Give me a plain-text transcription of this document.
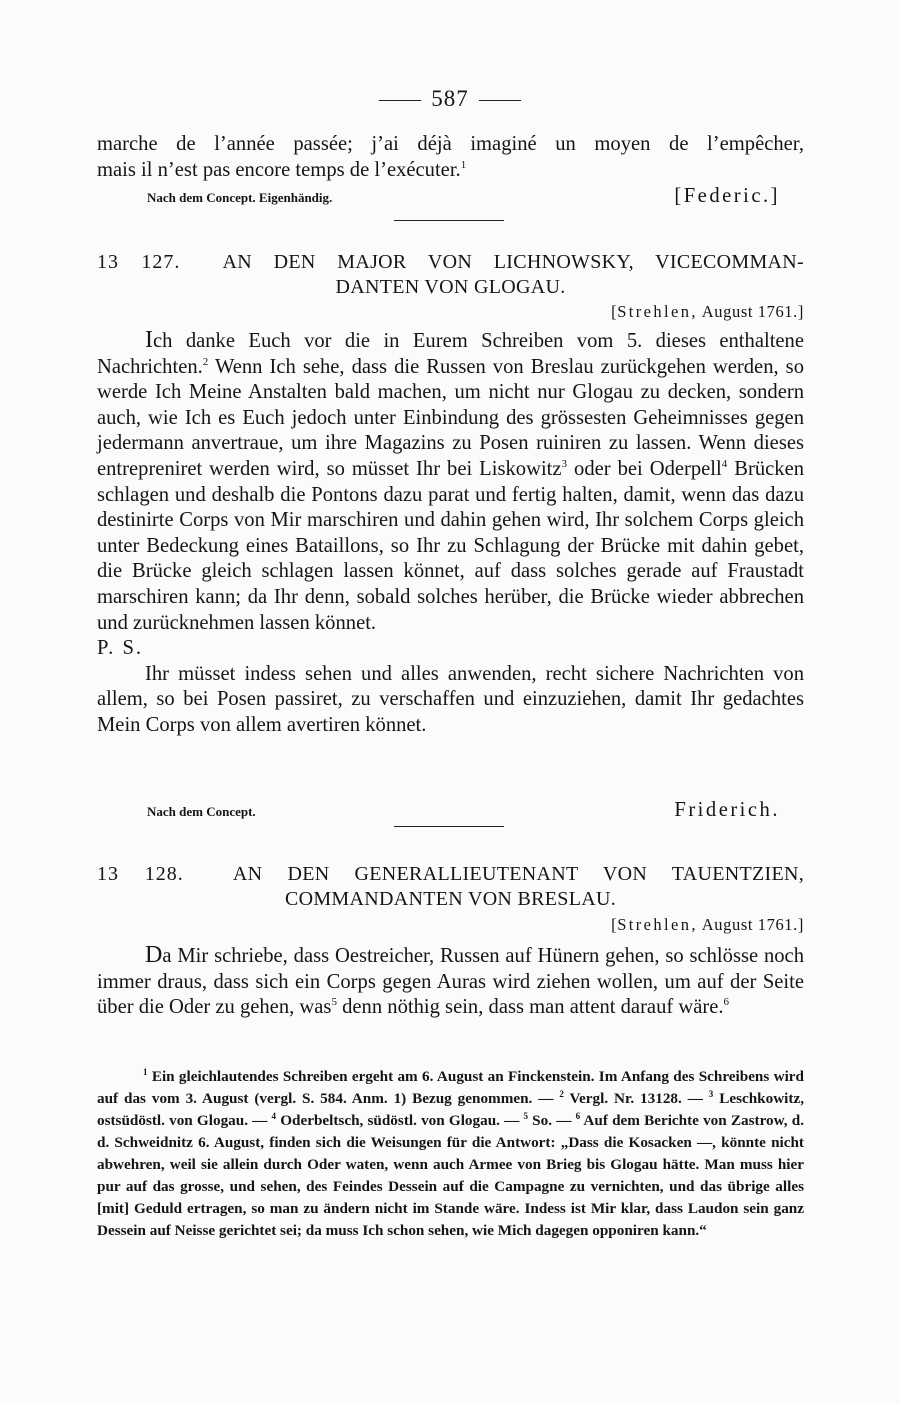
587

marche de l’année passée; j’ai déjà imaginé un moyen de l’empêcher,

mais il n’est pas encore temps de l’exécuter.$^1$

Nach dem Concept. Eigenhändig.	[Federic.]
13 127. AN DEN MAJOR VON LICHNOWSKY, VICECOMMAN-
DANTEN VON GLOGAU.
[Strehlen, August 1761.]

Ich danke Euch vor die in Eurem Schreiben vom 5. dieses enthaltene Nachrichten.$^2$ Wenn Ich sehe, dass die Russen von Breslau zurückgehen werden, so werde Ich Meine Anstalten bald machen, um nicht nur Glogau zu decken, sondern auch, wie Ich es Euch jedoch unter Einbindung des grössesten Geheimnisses gegen jedermann anvertraue, um ihre Magazins zu Posen ruiniren zu lassen. Wenn dieses entrepreniret werden wird, so müsset Ihr bei Liskowitz$^3$ oder bei Oderpell$^4$ Brücken schlagen und deshalb die Pontons dazu parat und fertig halten, damit, wenn das dazu destinirte Corps von Mir marschiren und dahin gehen wird, Ihr solchem Corps gleich unter Bedeckung eines Bataillons, so Ihr zu Schlagung der Brücke mit dahin gebet, die Brücke gleich schlagen lassen könnet, auf dass solches gerade auf Fraustadt marschiren kann; da Ihr denn, sobald solches herüber, die Brücke wieder abbrechen und zurücknehmen lassen könnet.

P. S.

Ihr müsset indess sehen und alles anwenden, recht sichere Nachrichten von allem, so bei Posen passiret, zu verschaffen und einzuziehen, damit Ihr gedachtes Mein Corps von allem avertiren könnet.

Nach dem Concept.	Friderich.
13 128. AN DEN GENERALLIEUTENANT VON TAUENTZIEN,
COMMANDANTEN VON BRESLAU.
[Strehlen, August 1761.]

Da Mir schriebe, dass Oestreicher, Russen auf Hünern gehen, so schlösse noch immer draus, dass sich ein Corps gegen Auras wird ziehen wollen, um auf der Seite über die Oder zu gehen, was$^5$ denn nöthig sein, dass man attent darauf wäre.$^6$

$^1$ Ein gleichlautendes Schreiben ergeht am 6. August an Finckenstein. Im Anfang des Schreibens wird auf das vom 3. August (vergl. S. 584. Anm. 1) Bezug genommen. — $^2$ Vergl. Nr. 13128. — $^3$ Leschkowitz, ostsüdöstl. von Glogau. — $^4$ Oderbeltsch, südöstl. von Glogau. — $^5$ So. — $^6$ Auf dem Berichte von Zastrow, d. d. Schweidnitz 6. August, finden sich die Weisungen für die Antwort: „Dass die Kosacken —, könnte nicht abwehren, weil sie allein durch Oder waten, wenn auch Armee von Brieg bis Glogau hätte. Man muss hier pur auf das grosse, und sehen, des Feindes Dessein auf die Campagne zu vernichten, und das übrige alles [mit] Geduld ertragen, so man zu ändern nicht im Stande wäre. Indess ist Mir klar, dass Laudon sein ganz Dessein auf Neisse gerichtet sei; da muss Ich schon sehen, wie Mich dagegen opponiren kann.“
